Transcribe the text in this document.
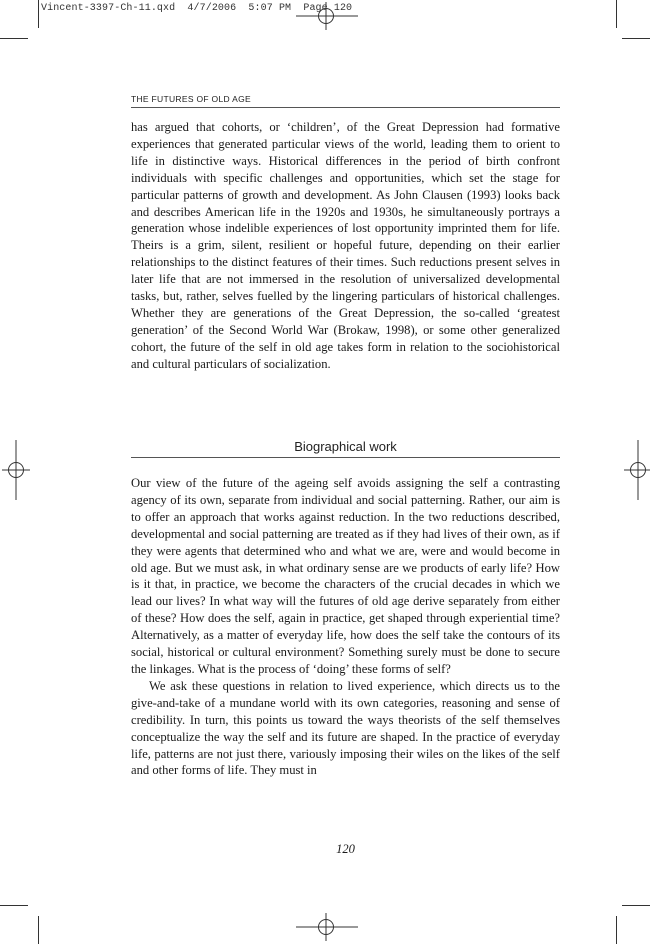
Vincent-3397-Ch-11.qxd  4/7/2006  5:07 PM  Page 120
THE FUTURES OF OLD AGE

has argued that cohorts, or ‘children’, of the Great Depression had formative experiences that generated particular views of the world, leading them to orient to life in distinctive ways. Historical differences in the period of birth confront individuals with specific challenges and opportunities, which set the stage for particular patterns of growth and development. As John Clausen (1993) looks back and describes American life in the 1920s and 1930s, he simultaneously portrays a generation whose indelible experiences of lost opportunity imprinted them for life. Theirs is a grim, silent, resilient or hopeful future, depending on their earlier relationships to the distinct features of their times. Such reductions present selves in later life that are not immersed in the resolution of universalized developmental tasks, but, rather, selves fuelled by the lingering particulars of historical challenges. Whether they are generations of the Great Depression, the so-called ‘greatest generation’ of the Second World War (Brokaw, 1998), or some other generalized cohort, the future of the self in old age takes form in relation to the sociohistorical and cultural particulars of socialization.

Biographical work

Our view of the future of the ageing self avoids assigning the self a contrasting agency of its own, separate from individual and social patterning. Rather, our aim is to offer an approach that works against reduction. In the two reductions described, developmental and social patterning are treated as if they had lives of their own, as if they were agents that determined who and what we are, were and would become in old age. But we must ask, in what ordinary sense are we products of early life? How is it that, in practice, we become the characters of the crucial decades in which we lead our lives? In what way will the futures of old age derive separately from either of these? How does the self, again in practice, get shaped through experiential time? Alternatively, as a matter of everyday life, how does the self take the contours of its social, historical or cultural environment? Something surely must be done to secure the linkages. What is the process of ‘doing’ these forms of self?

We ask these questions in relation to lived experience, which directs us to the give-and-take of a mundane world with its own categories, reasoning and sense of credibility. In turn, this points us toward the ways theorists of the self themselves conceptualize the way the self and its future are shaped. In the practice of everyday life, patterns are not just there, variously imposing their wiles on the likes of the self and other forms of life. They must in

120
